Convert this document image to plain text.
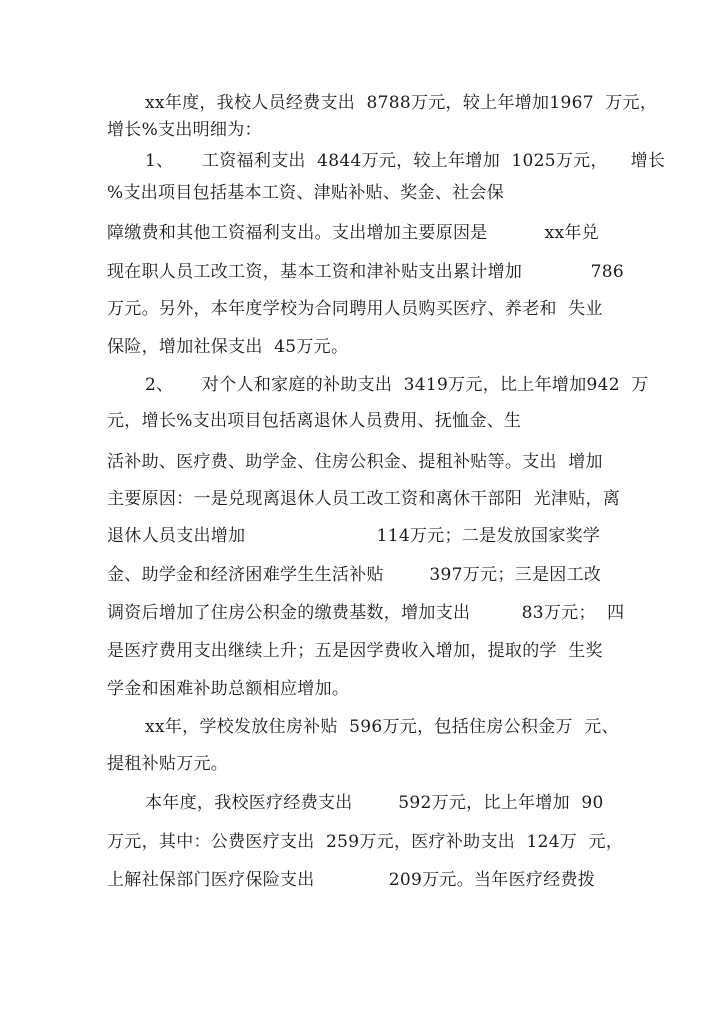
xx年度，我校人员经费支出  8788万元，较上年增加1967  万元，
增长%支出明细为：
1、     工资福利支出  4844万元，较上年增加  1025万元，    增长
%支出项目包括基本工资、津贴补贴、奖金、社会保
障缴费和其他工资福利支出。支出增加主要原因是          xx年兑
现在职人员工改工资，基本工资和津补贴支出累计增加            786
万元。另外，本年度学校为合同聘用人员购买医疗、养老和  失业
保险，增加社保支出  45万元。
2、     对个人和家庭的补助支出  3419万元，比上年增加942  万
元，增长%支出项目包括离退休人员费用、抚恤金、生
活补助、医疗费、助学金、住房公积金、提租补贴等。支出  增加
主要原因：一是兑现离退休人员工改工资和离休干部阳  光津贴，离
退休人员支出增加                       114万元；二是发放国家奖学
金、助学金和经济困难学生生活补贴        397万元；三是因工改
调资后增加了住房公积金的缴费基数，增加支出         83万元；  四
是医疗费用支出继续上升；五是因学费收入增加，提取的学  生奖
学金和困难补助总额相应增加。
xx年，学校发放住房补贴  596万元，包括住房公积金万  元、
提租补贴万元。
本年度，我校医疗经费支出        592万元，比上年增加  90
万元，其中：公费医疗支出  259万元，医疗补助支出  124万  元，
上解社保部门医疗保险支出             209万元。当年医疗经费拨
